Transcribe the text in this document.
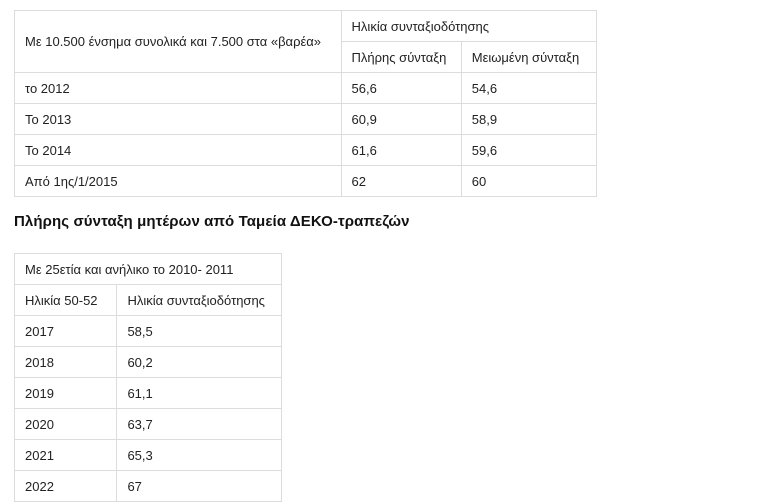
Με 10.500 ένσημα συνολικά και 7.500 στα «βαρέα»	Ηλικία συνταξιοδότησης	
	Πλήρης σύνταξη	Μειωμένη σύνταξη
το 2012	56,6	54,6
Το 2013	60,9	58,9
Το 2014	61,6	59,6
Από 1ης/1/2015	62	60
Πλήρης σύνταξη μητέρων από Ταμεία ΔΕΚΟ-τραπεζών
Με 25ετία και ανήλικο το 2010- 2011	
Ηλικία 50-52	Ηλικία συνταξιοδότησης
2017	58,5
2018	60,2
2019	61,1
2020	63,7
2021	65,3
2022	67
